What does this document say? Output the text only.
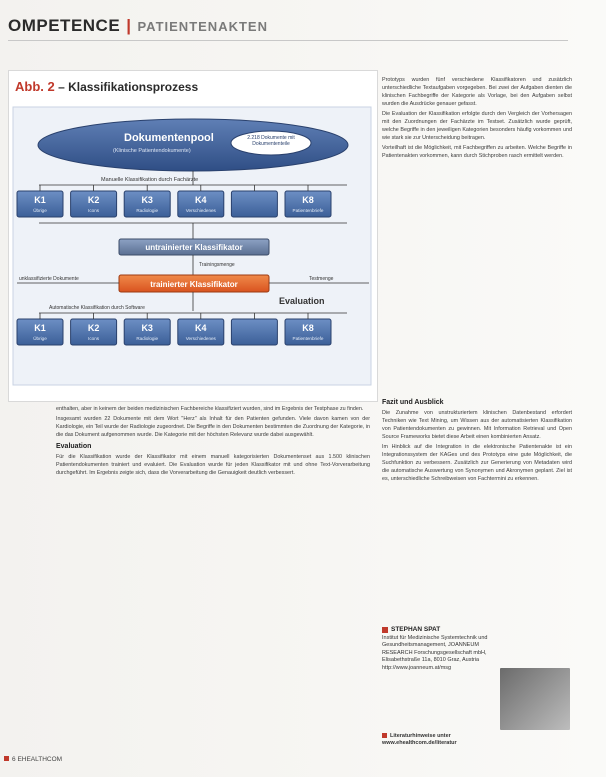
OMPETENCE | PATIENTENAKTEN
Abb. 2 – Klassifikationsprozess
Dokumentenpool
(Klinische Patientendokumente)
2.218 Dokumente mit Dokumententeile
Manuelle Klassifikation durch Fachärzte
K1
Übrige
K2
Icons
K3
Radiologie
K4
Verschiedenes
K8
Patientenbriefe
untrainierter Klassifikator
Trainingsmenge
trainierter Klassifikator
unklassifizierte Dokumente	Testmenge
Evaluation
Automatische Klassifikation durch Software
K1
Übrige
K2
Icons
K3
Radiologie
K4
Verschiedenes
K8
Patientenbriefe

Prototyps wurden fünf verschiedene Klassifikatoren und zusätzlich unterschiedliche Textaufgaben vorgegeben. Bei zwei der Aufgaben dienten die klinischen Fachbegriffe der Kategorie als Vorlage, bei den Aufgaben selbst wurden die Ausdrücke genauer gefasst.

Die Evaluation der Klassifikation erfolgte durch den Vergleich der Vorhersagen mit den Zuordnungen der Fachärzte im Testset. Zusätzlich wurde geprüft, welche Begriffe in den jeweiligen Kategorien besonders häufig vorkommen und wie stark sie zur Unterscheidung beitragen.

Vorteilhaft ist die Möglichkeit, mit Fachbegriffen zu arbeiten. Welche Begriffe in Patientenakten vorkommen, kann durch Stichproben rasch ermittelt werden.

Fazit und Ausblick

Die Zunahme von unstrukturiertem klinischen Datenbestand erfordert Techniken wie Text Mining, um Wissen aus der automatisierten Klassifikation von Patientendokumenten zu gewinnen. Mit Information Retrieval und Open Source Frameworks bietet diese Arbeit einen kombinierten Ansatz.

Im Hinblick auf die Integration in die elektronische Patientenakte ist ein Integrationssystem der KAGes und des Prototyps eine gute Möglichkeit, die Suchfunktion zu verbessern. Zusätzlich zur Generierung von Metadaten wird die automatische Auswertung von Synonymen und Akronymen geplant. Ziel ist es, unterschiedliche Schreibweisen von Fachtermini zu erkennen.

enthalten, aber in keinem der beiden medizinischen Fachbereiche klassifiziert wurden, sind im Ergebnis der Testphase zu finden.

Insgesamt wurden 22 Dokumente mit dem Wort "Herz" als Inhalt für den Patienten gefunden. Viele davon kamen von der Kardiologie, ein Teil wurde der Radiologie zugeordnet. Die Begriffe in den Dokumenten bestimmten die Zuordnung der Kategorie, in die das Dokument aufgenommen wurde. Die Kategorie mit der höchsten Relevanz wurde dabei ausgewählt.

Evaluation

Für die Klassifikation wurde der Klassifikator mit einem manuell kategorisierten Dokumentenset aus 1.500 klinischen Patientendokumenten trainiert und evaluiert. Die Evaluation wurde für jeden Klassifikator mit und ohne Text-Vorverarbeitung durchgeführt. Im Ergebnis zeigte sich, dass die Vorverarbeitung die Genauigkeit deutlich verbessert.

STEPHAN SPAT
Institut für Medizinische Systemtechnik und Gesundheitsmanagement, JOANNEUM RESEARCH Forschungsgesellschaft mbH, Elisabethstraße 11a, 8010 Graz, Austria
http://www.joanneum.at/msg
Literaturhinweise unter
www.ehealthcom.de/literatur
6 EHEALTHCOM
